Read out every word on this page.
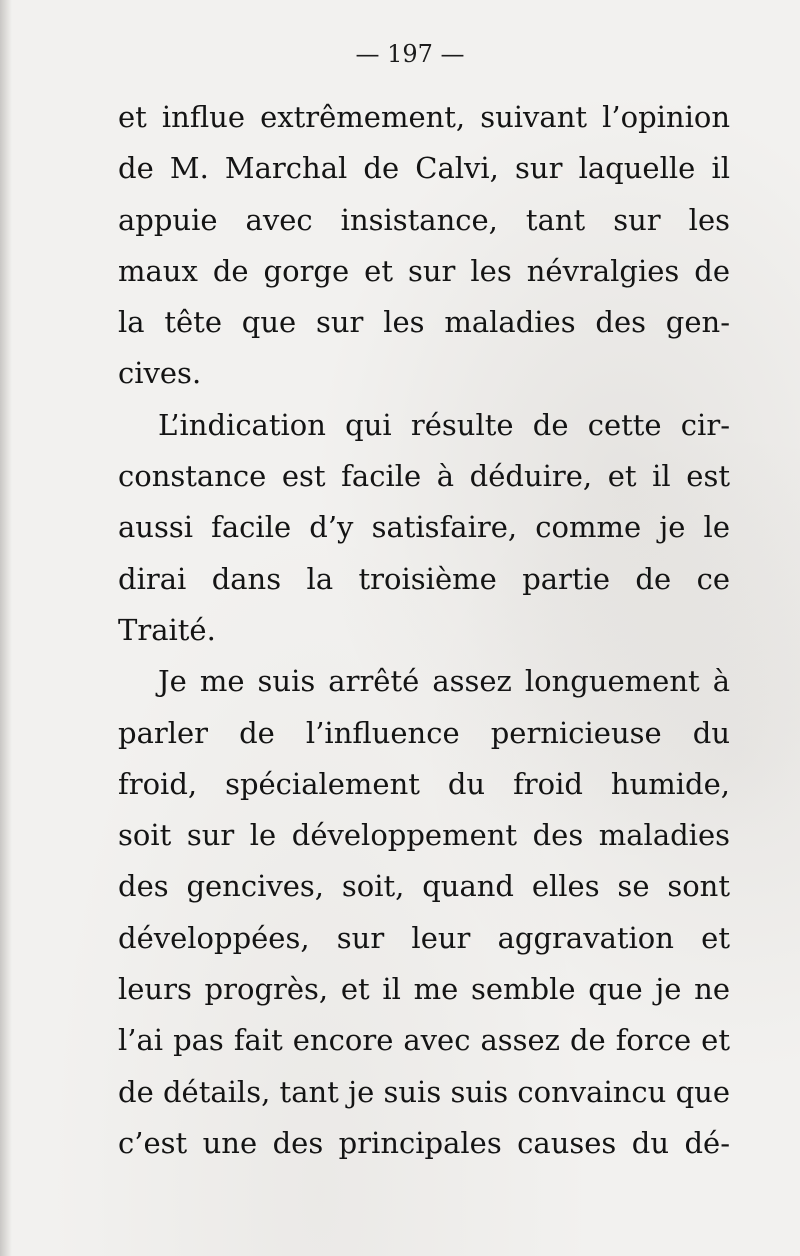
— 197 —
et influe extrêmement, suivant l’opinion
de M. Marchal de Calvi, sur laquelle il
appuie avec insistance, tant sur les
maux de gorge et sur les névralgies de
la tête que sur les maladies des gen-
cives.
L’indication qui résulte de cette cir-
constance est facile à déduire, et il est
aussi facile d’y satisfaire, comme je le
dirai dans la troisième partie de ce
Traité.
Je me suis arrêté assez longuement à
parler de l’influence pernicieuse du
froid, spécialement du froid humide,
soit sur le développement des maladies
des gencives, soit, quand elles se sont
développées, sur leur aggravation et
leurs progrès, et il me semble que je ne
l’ai pas fait encore avec assez de force et
de détails, tant je suis suis convaincu que
c’est une des principales causes du dé-
